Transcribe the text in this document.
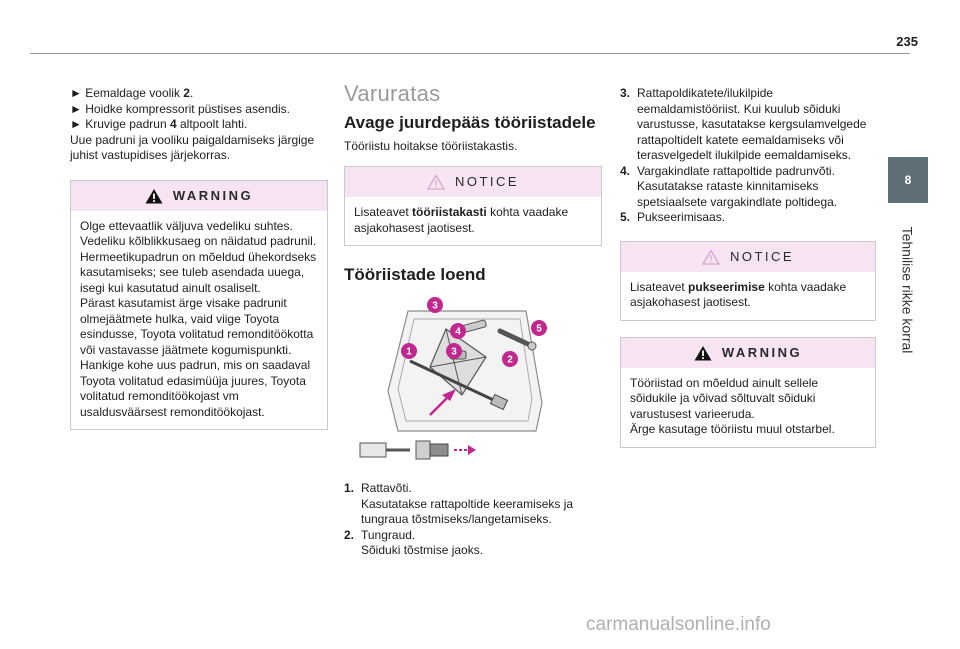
235
8
Tehnilise rikke korral

► Eemaldage voolik 2.

► Hoidke kompressorit püstises asendis.

► Kruvige padrun 4 altpoolt lahti.

Uue padruni ja vooliku paigaldamiseks järgige juhist vastupidises järjekorras.

WARNING

Olge ettevaatlik väljuva vedeliku suhtes.

Vedeliku kõlblikkusaeg on näidatud padrunil.

Hermeetikupadrun on mõeldud ühekordseks kasutamiseks; see tuleb asendada uuega, isegi kui kasutatud ainult osaliselt.

Pärast kasutamist ärge visake padrunit olmejäätmete hulka, vaid viige Toyota esindusse, Toyota volitatud remonditöökotta või vastavasse jäätmete kogumispunkti.

Hankige kohe uus padrun, mis on saadaval Toyota volitatud edasimüüja juures, Toyota volitatud remonditöökojast vm usaldusväärsest remonditöökojast.

Varuratas
Avage juurdepääs tööriistadele

Tööriistu hoitakse tööriistakastis.

NOTICE

Lisateavet tööriistakasti kohta vaadake asjakohasest jaotisest.

Tööriistade loend
3
4	5
1	3
2
1. Rattavõti.
Kasutatakse rattapoltide keeramiseks ja tungraua tõstmiseks/langetamiseks.
2. Tungraud.
Sõiduki tõstmise jaoks.
3. Rattapoldikatete/ilukilpide eemaldamistööriist. Kui kuulub sõiduki varustusse, kasutatakse kergsulamvelgede rattapoltidelt katete eemaldamiseks või terasvelgedelt ilukilpide eemaldamiseks.
4. Vargakindlate rattapoltide padrunvõti. Kasutatakse rataste kinnitamiseks spetsiaalsete vargakindlate poltidega.
5. Pukseerimisaas.
NOTICE

Lisateavet pukseerimise kohta vaadake asjakohasest jaotisest.

WARNING

Tööriistad on mõeldud ainult sellele sõidukile ja võivad sõltuvalt sõiduki varustusest varieeruda.

Ärge kasutage tööriistu muul otstarbel.

carmanualsonline.info
